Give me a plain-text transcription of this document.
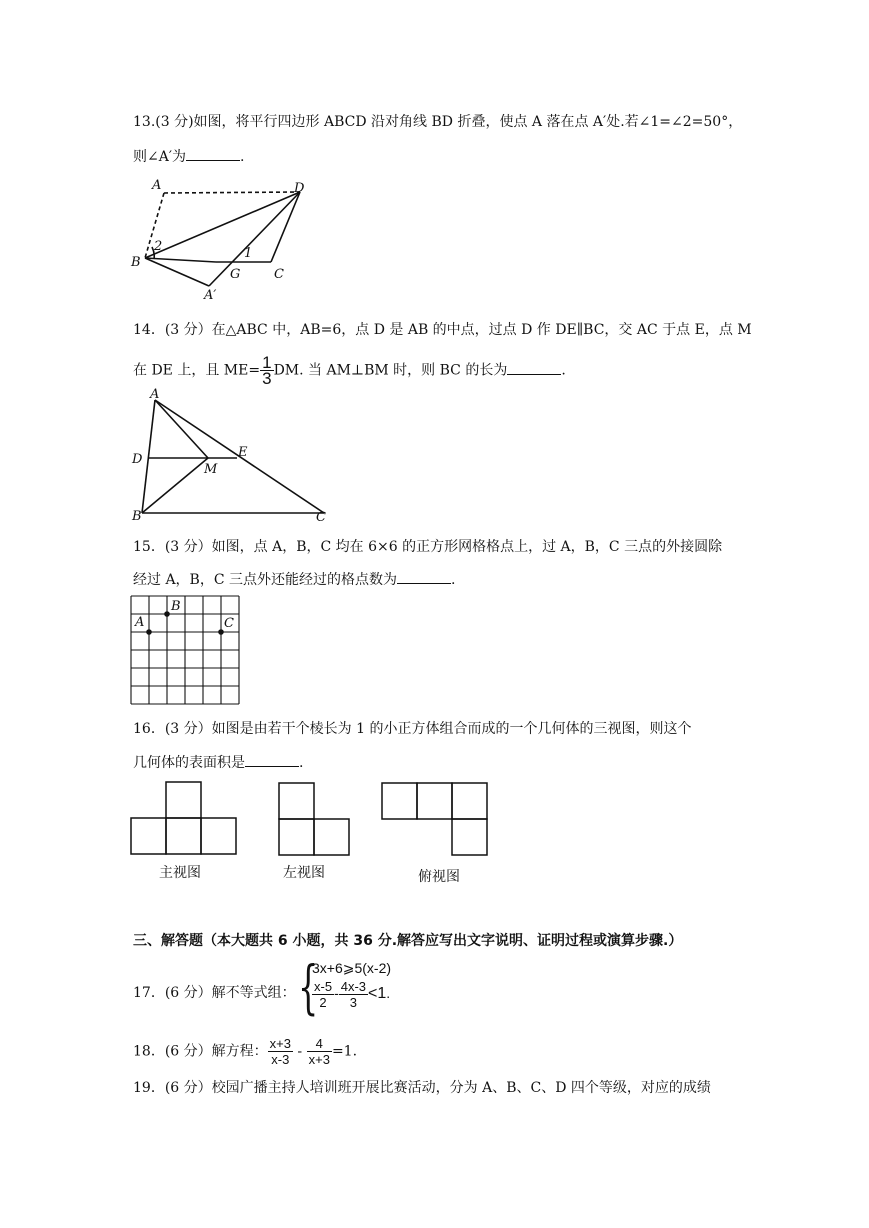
13.(3 分)如图，将平行四边形 ABCD 沿对角线 BD 折叠，使点 A 落在点 A′处.若∠1=∠2=50°，
则∠A′为	.
A	D
B
G	C
A′
1
2
14．(3 分）在△ABC 中，AB=6，点 D 是 AB 的中点，过点 D 作 DE∥BC，交 AC 于点 E，点 M
在 DE 上，且 $ME= \frac{1}{3}$ DM. 当 AM⊥BM 时，则 BC 的长为	.
A
D
M
E
B	C
15．(3 分）如图，点 A，B，C 均在 6×6 的正方形网格格点上，过 A，B，C 三点的外接圆除
经过 A，B，C 三点外还能经过的格点数为	.
A
B
C
16．(3 分）如图是由若干个棱长为 1 的小正方体组合而成的一个几何体的三视图，则这个
几何体的表面积是	.
主视图	左视图	俯视图
三、解答题（本大题共 6 小题，共 36 分.解答应写出文字说明、证明过程或演算步骤.）
17．(6 分）解不等式组： {
3x+6⩾5(x-2)
$\frac{x-5}{2} - \frac{4x-3}{3} <1$.
18．(6 分）解方程： $\frac{x+3}{x-3} - \frac{4}{x+3} =1$.
19．(6 分）校园广播主持人培训班开展比赛活动，分为 A、B、C、D 四个等级，对应的成绩
